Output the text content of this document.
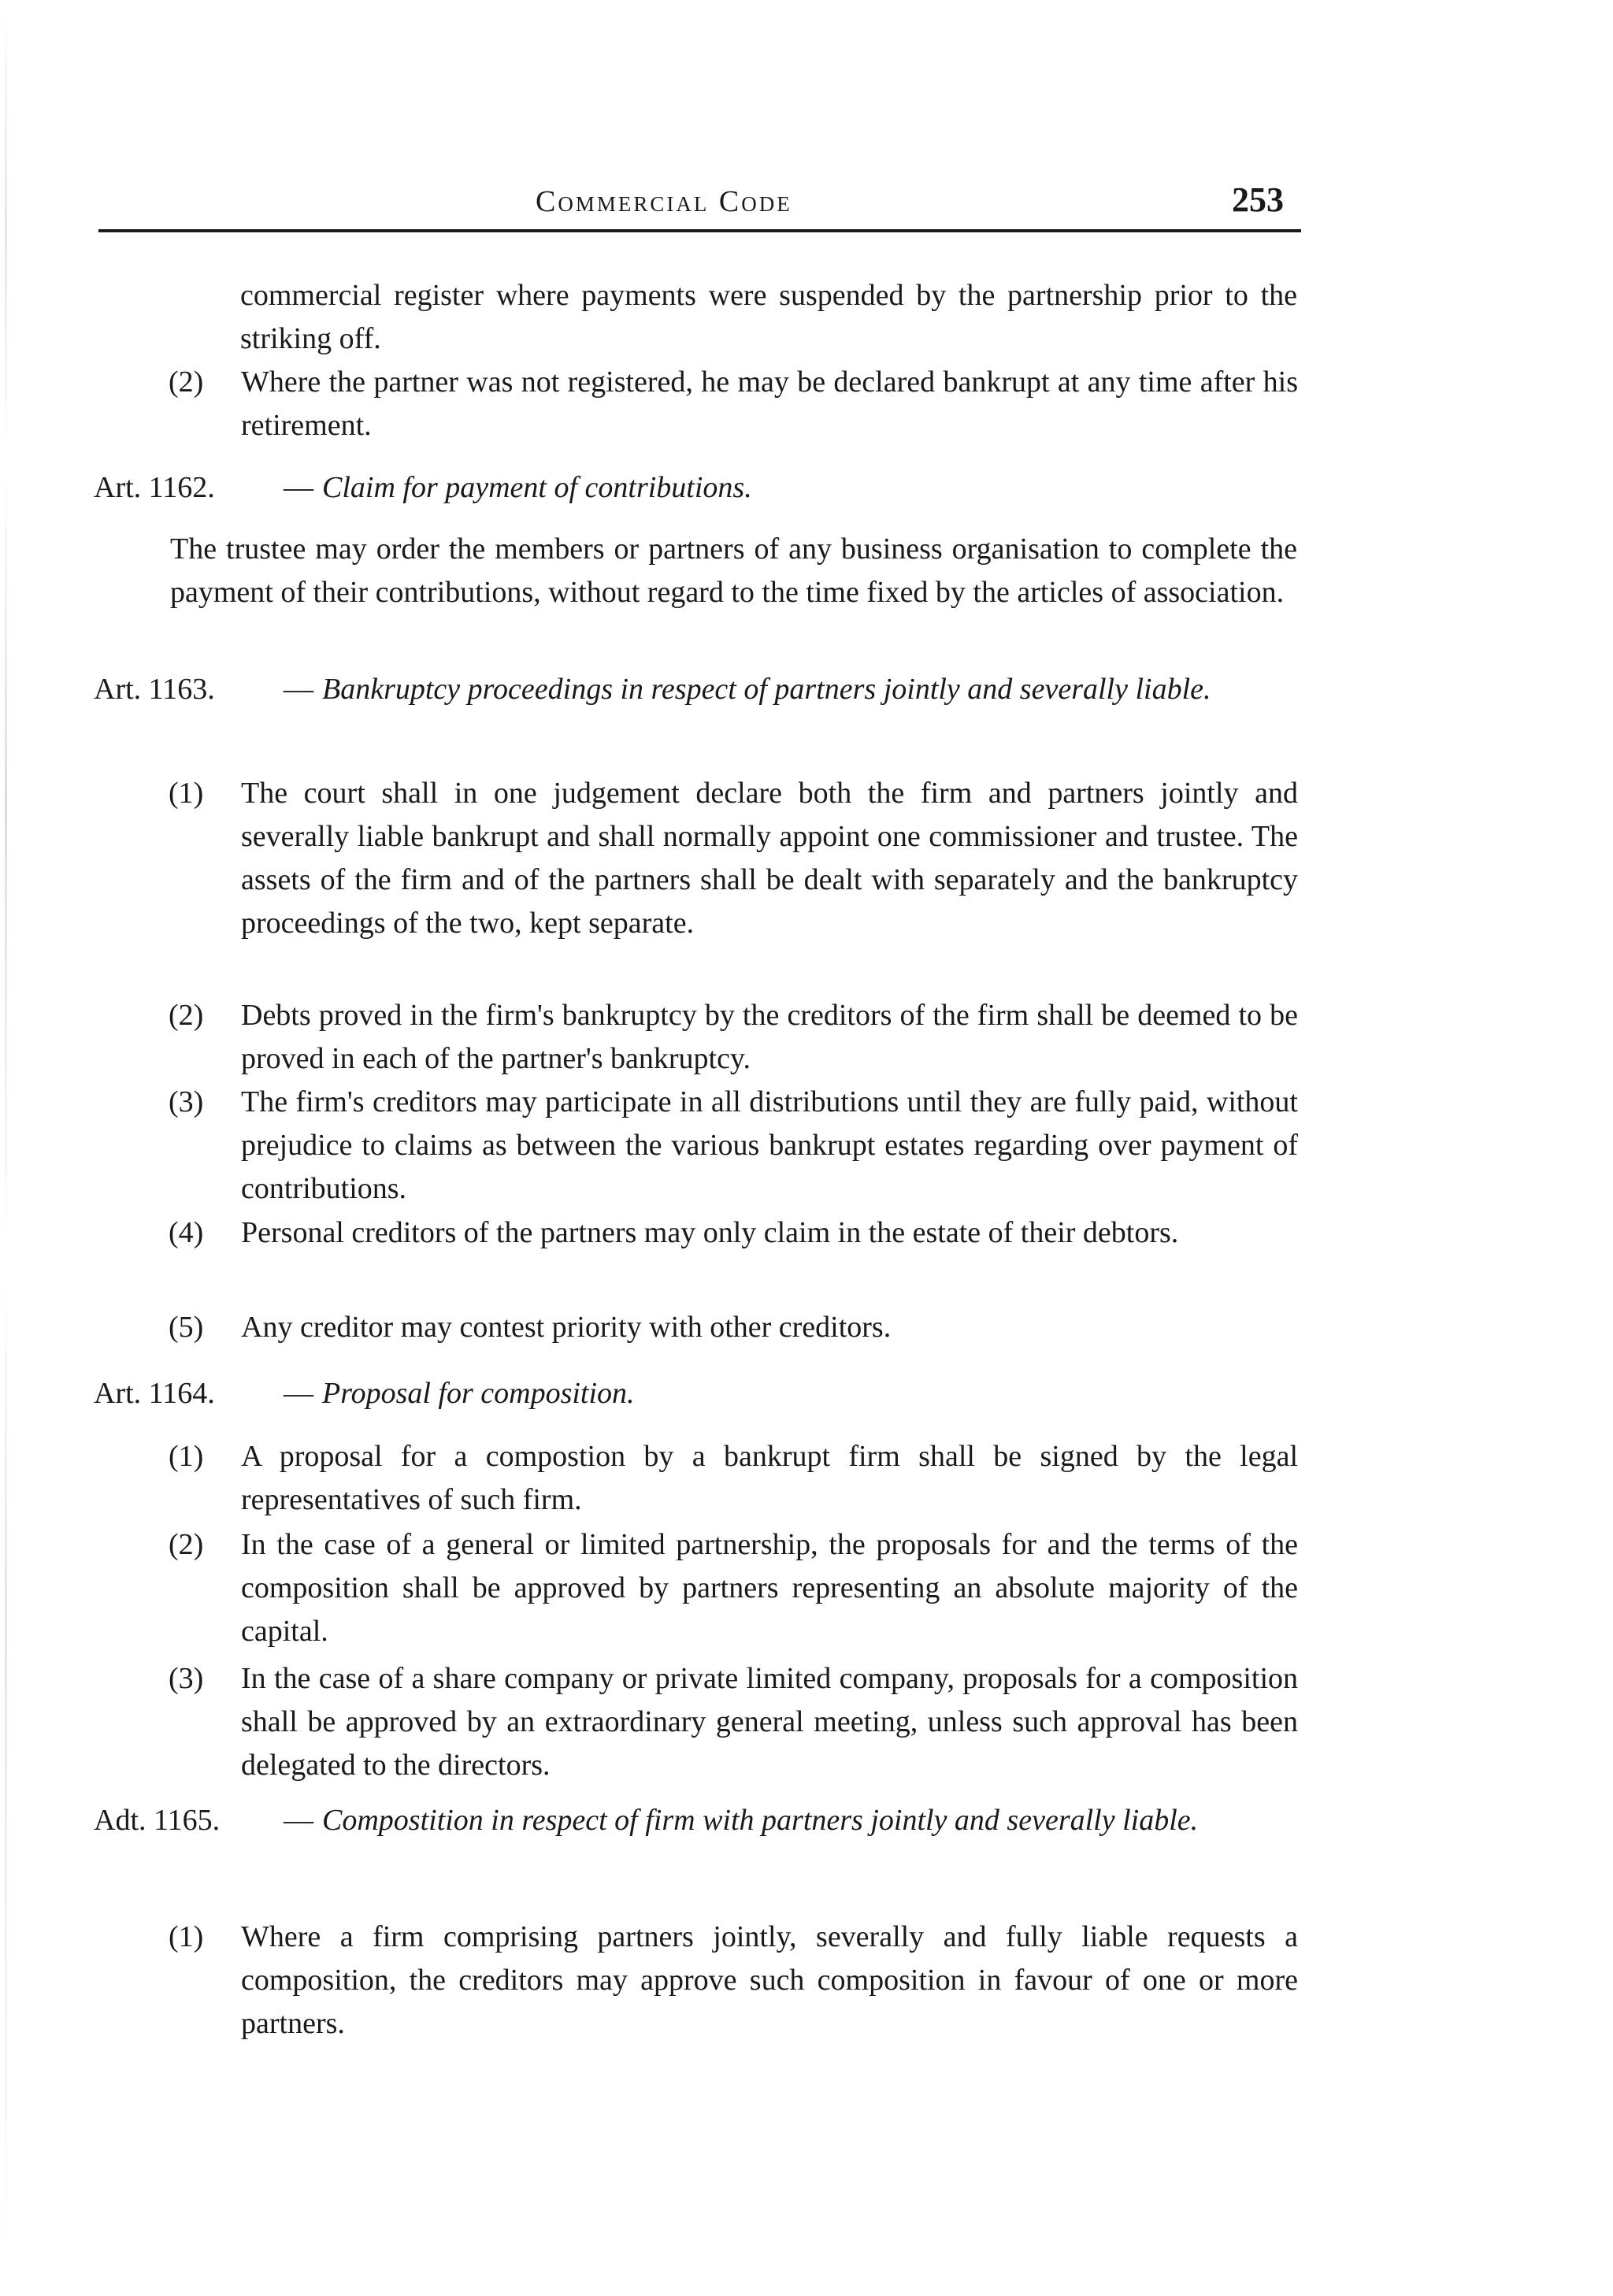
Commercial Code	253
commercial register where payments were suspended by the partnership prior to the striking off.
(2)	Where the partner was not registered, he may be declared bankrupt at any time after his retirement.
Art. 1162.	— Claim for payment of contributions.
The trustee may order the members or partners of any business organisation to complete the payment of their contributions, without regard to the time fixed by the articles of association.
Art. 1163.	— Bankruptcy proceedings in respect of partners jointly and severally liable.
(1)	The court shall in one judgement declare both the firm and partners jointly and severally liable bankrupt and shall normally appoint one commissioner and trustee. The assets of the firm and of the partners shall be dealt with separately and the bankruptcy proceedings of the two, kept separate.
(2)	Debts proved in the firm's bankruptcy by the creditors of the firm shall be deemed to be proved in each of the partner's bankruptcy.
(3)	The firm's creditors may participate in all distributions until they are fully paid, without prejudice to claims as between the various bankrupt estates regarding over payment of contributions.
(4)	Personal creditors of the partners may only claim in the estate of their debtors.
(5)	Any creditor may contest priority with other creditors.
Art. 1164.	— Proposal for composition.
(1)	A proposal for a compostion by a bankrupt firm shall be signed by the legal representatives of such firm.
(2)	In the case of a general or limited partnership, the proposals for and the terms of the composition shall be approved by partners representing an absolute majority of the capital.
(3)	In the case of a share company or private limited company, proposals for a composition shall be approved by an extraordinary general meeting, unless such approval has been delegated to the directors.
Adt. 1165.	— Compostition in respect of firm with partners jointly and severally liable.
(1)	Where a firm comprising partners jointly, severally and fully liable requests a composition, the creditors may approve such composition in favour of one or more partners.
